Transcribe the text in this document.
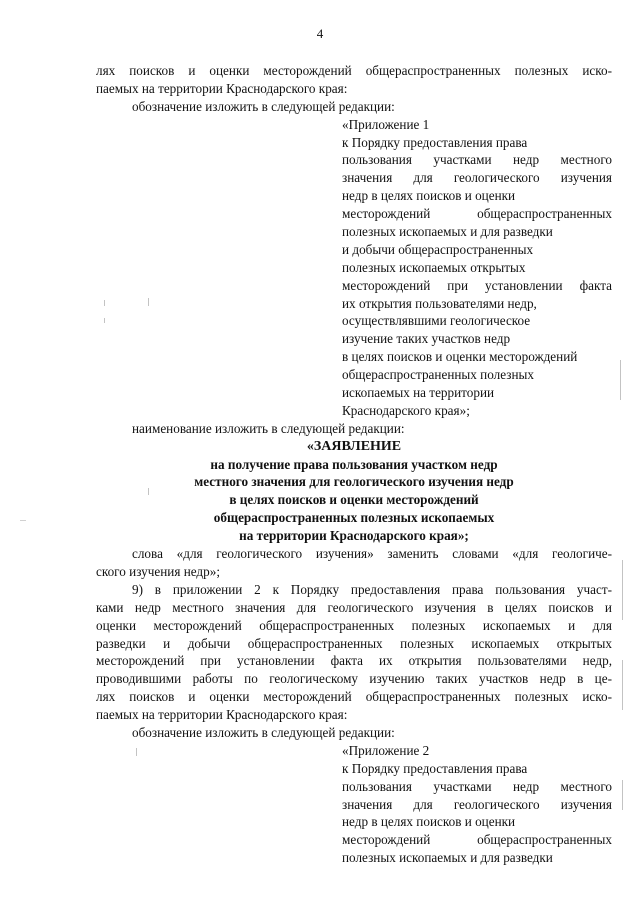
4
лях поисков и оценки месторождений общераспространенных полезных иско-
паемых на территории Краснодарского края:
обозначение изложить в следующей редакции:
«Приложение 1
к Порядку предоставления права
пользования участками недр местного
значения для геологического изучения
недр в целях поисков и оценки
месторождений общераспространенных
полезных ископаемых и для разведки
и добычи общераспространенных
полезных ископаемых открытых
месторождений при установлении факта
их открытия пользователями недр,
осуществлявшими геологическое
изучение таких участков недр
в целях поисков и оценки месторождений
общераспространенных полезных
ископаемых на территории
Краснодарского края»;
наименование изложить в следующей редакции:
«ЗАЯВЛЕНИЕ
на получение права пользования участком недр
местного значения для геологического изучения недр
в целях поисков и оценки месторождений
общераспространенных полезных ископаемых
на территории Краснодарского края»;
слова «для геологического изучения» заменить словами «для геологиче-
ского изучения недр»;
9) в приложении 2 к Порядку предоставления права пользования участ-
ками недр местного значения для геологического изучения в целях поисков и
оценки месторождений общераспространенных полезных ископаемых и для
разведки и добычи общераспространенных полезных ископаемых открытых
месторождений при установлении факта их открытия пользователями недр,
проводившими работы по геологическому изучению таких участков недр в це-
лях поисков и оценки месторождений общераспространенных полезных иско-
паемых на территории Краснодарского края:
обозначение изложить в следующей редакции:
«Приложение 2
к Порядку предоставления права
пользования участками недр местного
значения для геологического изучения
недр в целях поисков и оценки
месторождений общераспространенных
полезных ископаемых и для разведки
